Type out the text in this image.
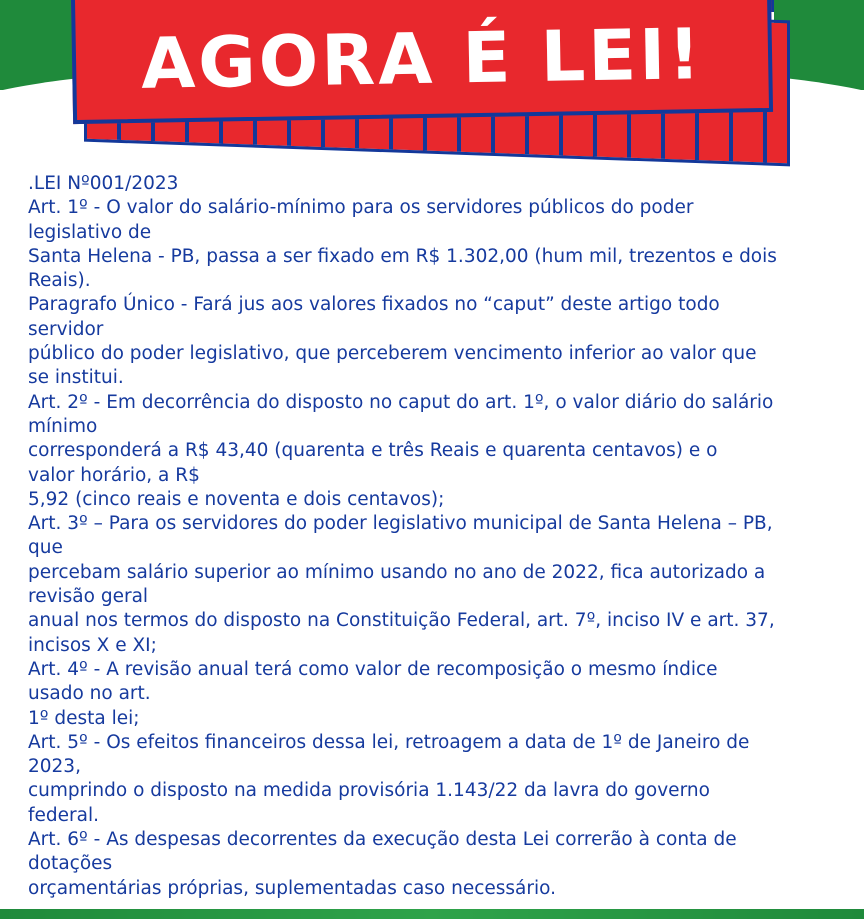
AGORA É LEI!
.LEI Nº001/2023
Art. 1º - O valor do salário-mínimo para os servidores públicos do poder
legislativo de
Santa Helena - PB, passa a ser fixado em R$ 1.302,00 (hum mil, trezentos e dois
Reais).
Paragrafo Único - Fará jus aos valores fixados no “caput” deste artigo todo
servidor
público do poder legislativo, que perceberem vencimento inferior ao valor que
se institui.
Art. 2º - Em decorrência do disposto no caput do art. 1º, o valor diário do salário
mínimo
corresponderá a R$ 43,40 (quarenta e três Reais e quarenta centavos) e o
valor horário, a R$
5,92 (cinco reais e noventa e dois centavos);
Art. 3º – Para os servidores do poder legislativo municipal de Santa Helena – PB,
que
percebam salário superior ao mínimo usando no ano de 2022, fica autorizado a
revisão geral
anual nos termos do disposto na Constituição Federal, art. 7º, inciso IV e art. 37,
incisos X e XI;
Art. 4º - A revisão anual terá como valor de recomposição o mesmo índice
usado no art.
1º desta lei;
Art. 5º - Os efeitos financeiros dessa lei, retroagem a data de 1º de Janeiro de
2023,
cumprindo o disposto na medida provisória 1.143/22 da lavra do governo
federal.
Art. 6º - As despesas decorrentes da execução desta Lei correrão à conta de
dotações
orçamentárias próprias, suplementadas caso necessário.
